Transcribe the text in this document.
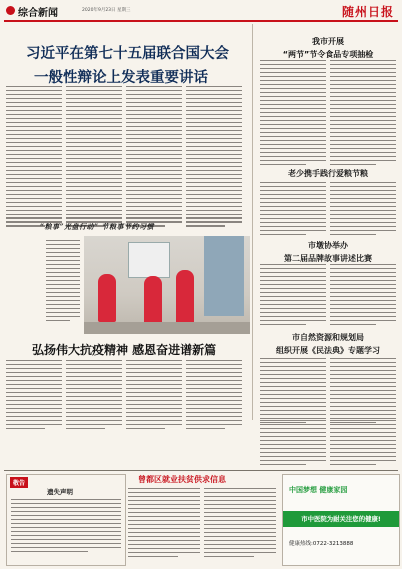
综合新闻	2020年9月23日 星期三	随州日报
习近平在第七十五届联合国大会
一般性辩论上发表重要讲话
我市开展
“两节”节令食品专项抽检
老少携手践行爱粮节粮
市墩协举办
第二届品牌故事讲述比赛
市自然资源和规划局
组织开展《民法典》专题学习
“粮事”光盘行动” 节粮事节约习惯
弘扬伟大抗疫精神 感恩奋进谱新篇
敬告
遗失声明
曾都区就业扶贫供求信息
中国梦想 健康家园
市中医院为耐关注您的健康!
健康热线:0722-3213888
